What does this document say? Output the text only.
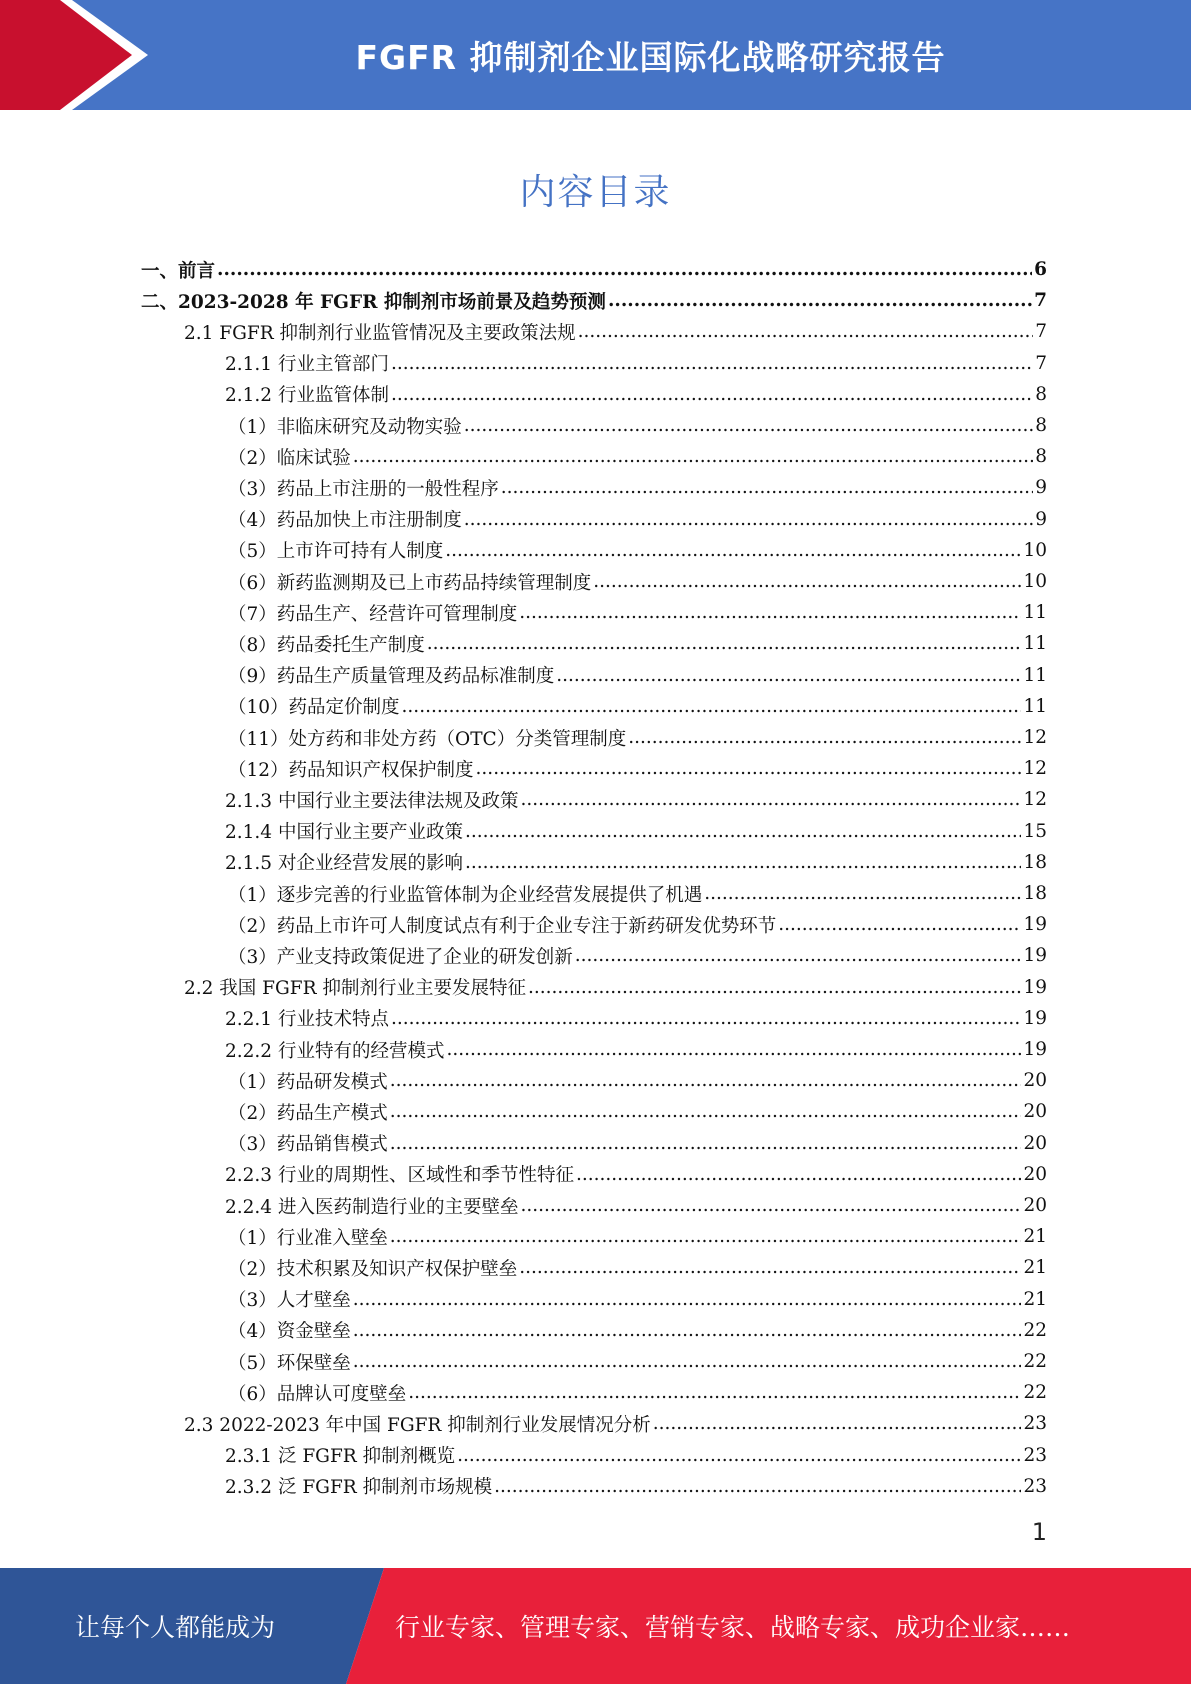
FGFR 抑制剂企业国际化战略研究报告
内容目录
一、前言 .....	6
二、2023-2028 年 FGFR 抑制剂市场前景及趋势预测 .....	7
2.1 FGFR 抑制剂行业监管情况及主要政策法规 .....	7
2.1.1 行业主管部门 .....	7
2.1.2 行业监管体制 .....	8
（1）非临床研究及动物实验 .....	8
（2）临床试验 .....	8
（3）药品上市注册的一般性程序 .....	9
（4）药品加快上市注册制度 .....	9
（5）上市许可持有人制度 .....	10
（6）新药监测期及已上市药品持续管理制度 .....	10
（7）药品生产、经营许可管理制度 .....	11
（8）药品委托生产制度 .....	11
（9）药品生产质量管理及药品标准制度 .....	11
（10）药品定价制度 .....	11
（11）处方药和非处方药（OTC）分类管理制度 .....	12
（12）药品知识产权保护制度 .....	12
2.1.3 中国行业主要法律法规及政策 .....	12
2.1.4 中国行业主要产业政策 .....	15
2.1.5 对企业经营发展的影响 .....	18
（1）逐步完善的行业监管体制为企业经营发展提供了机遇 .....	18
（2）药品上市许可人制度试点有利于企业专注于新药研发优势环节 .....	19
（3）产业支持政策促进了企业的研发创新 .....	19
2.2 我国 FGFR 抑制剂行业主要发展特征 .....	19
2.2.1 行业技术特点 .....	19
2.2.2 行业特有的经营模式 .....	19
（1）药品研发模式 .....	20
（2）药品生产模式 .....	20
（3）药品销售模式 .....	20
2.2.3 行业的周期性、区域性和季节性特征 .....	20
2.2.4 进入医药制造行业的主要壁垒 .....	20
（1）行业准入壁垒 .....	21
（2）技术积累及知识产权保护壁垒 .....	21
（3）人才壁垒 .....	21
（4）资金壁垒 .....	22
（5）环保壁垒 .....	22
（6）品牌认可度壁垒 .....	22
2.3 2022-2023 年中国 FGFR 抑制剂行业发展情况分析 .....	23
2.3.1 泛 FGFR 抑制剂概览 .....	23
2.3.2 泛 FGFR 抑制剂市场规模 .....	23
1
让每个人都能成为	行业专家、管理专家、营销专家、战略专家、成功企业家……
